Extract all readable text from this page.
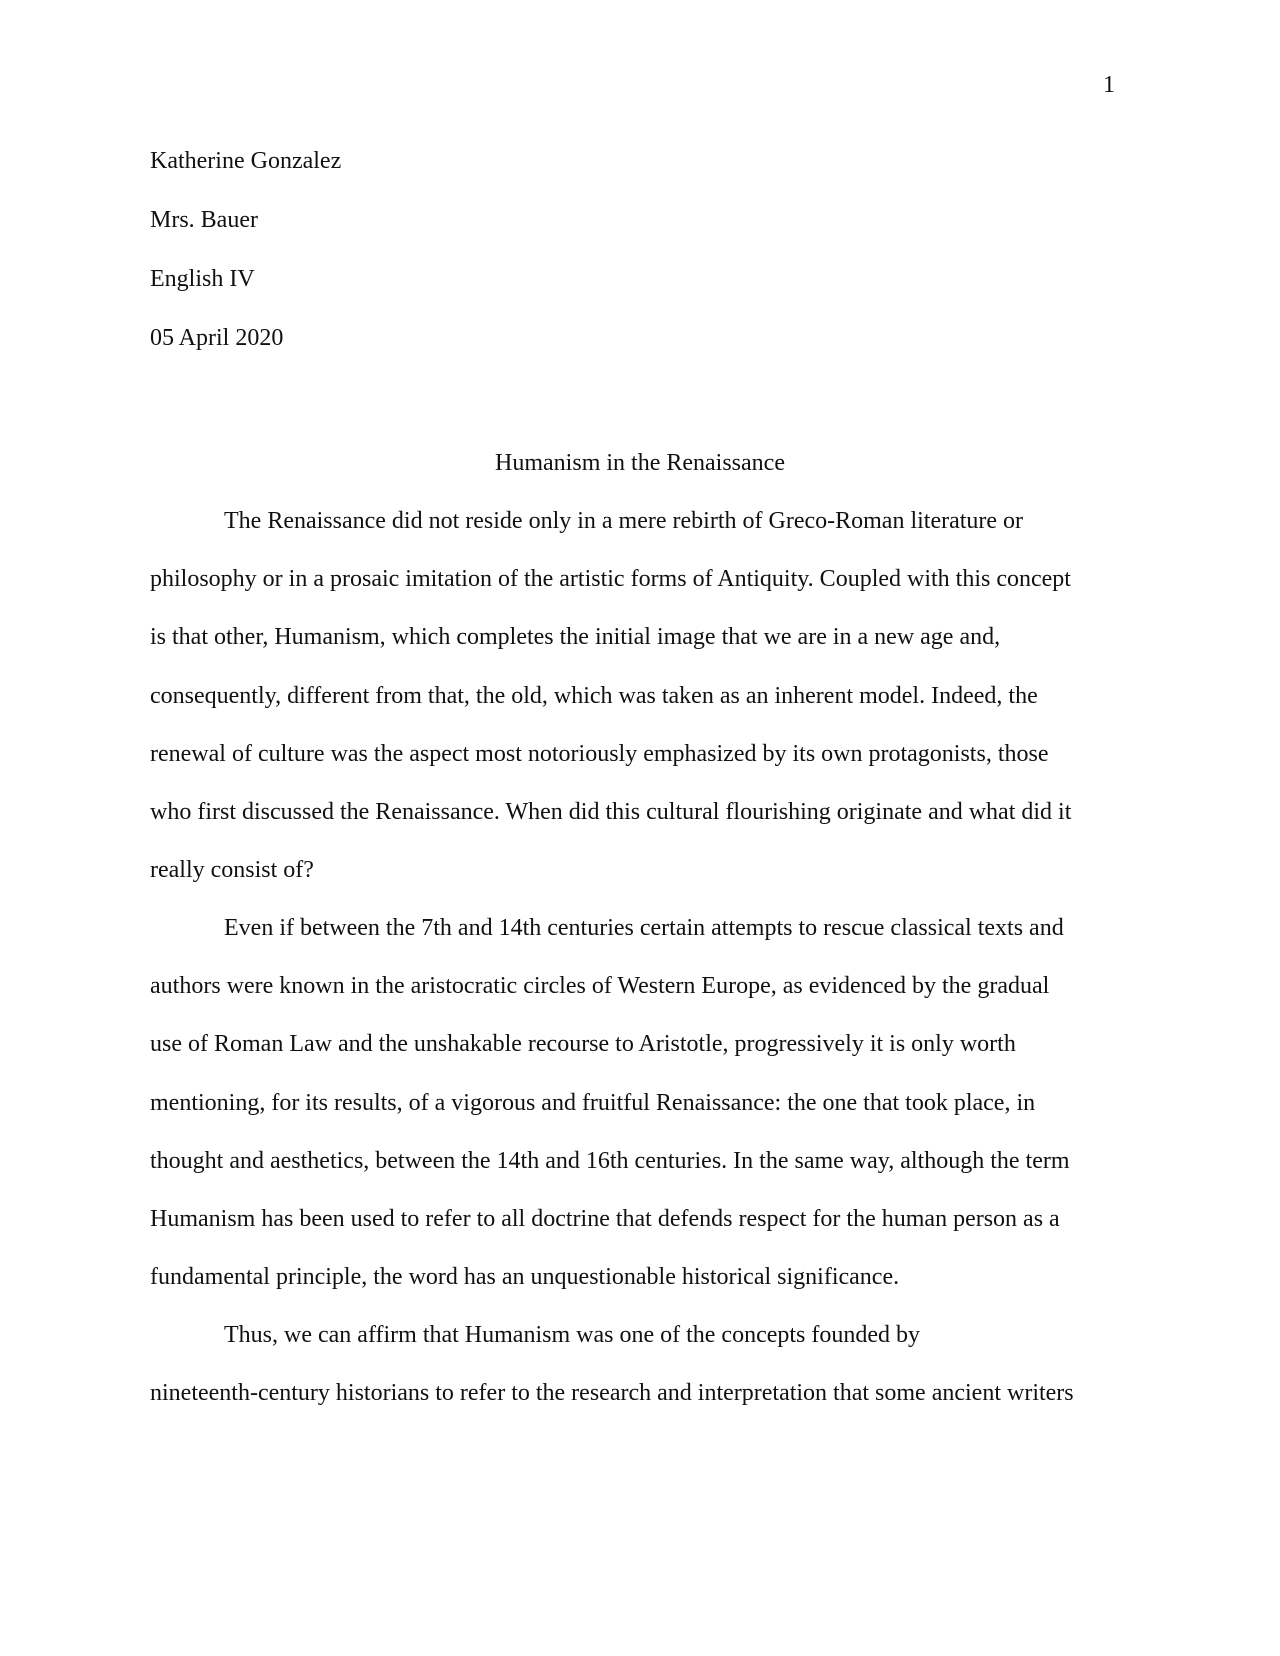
1
Katherine Gonzalez
Mrs. Bauer
English IV
05 April 2020
Humanism in the Renaissance
The Renaissance did not reside only in a mere rebirth of Greco-Roman literature or
philosophy or in a prosaic imitation of the artistic forms of Antiquity. Coupled with this concept
is that other, Humanism, which completes the initial image that we are in a new age and,
consequently, different from that, the old, which was taken as an inherent model. Indeed, the
renewal of culture was the aspect most notoriously emphasized by its own protagonists, those
who first discussed the Renaissance. When did this cultural flourishing originate and what did it
really consist of?
Even if between the 7th and 14th centuries certain attempts to rescue classical texts and
authors were known in the aristocratic circles of Western Europe, as evidenced by the gradual
use of Roman Law and the unshakable recourse to Aristotle, progressively it is only worth
mentioning, for its results, of a vigorous and fruitful Renaissance: the one that took place, in
thought and aesthetics, between the 14th and 16th centuries. In the same way, although the term
Humanism has been used to refer to all doctrine that defends respect for the human person as a
fundamental principle, the word has an unquestionable historical significance.
Thus, we can affirm that Humanism was one of the concepts founded by
nineteenth-century historians to refer to the research and interpretation that some ancient writers
